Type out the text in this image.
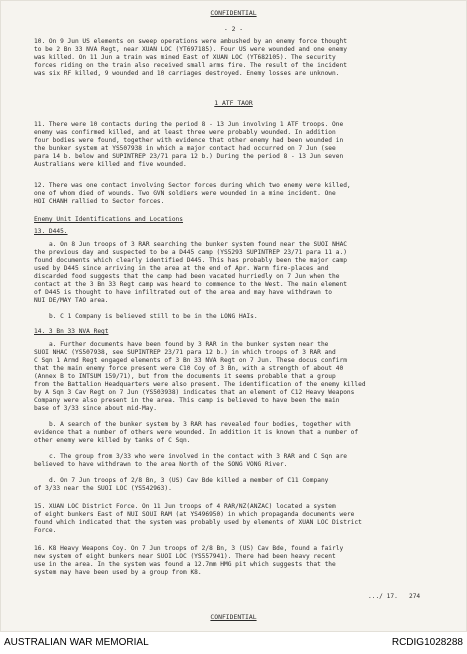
CONFIDENTIAL
- 2 -
10. On 9 Jun US elements on sweep operations were ambushed by an enemy force thought
to be 2 Bn 33 NVA Regt, near XUAN LOC (YT697185). Four US were wounded and one enemy
was killed. On 11 Jun a train was mined East of XUAN LOC (YT682105). The security
forces riding on the train also received small arms fire. The result of the incident
was six RF killed, 9 wounded and 10 carriages destroyed. Enemy losses are unknown.
1 ATF TAOR
11. There were 10 contacts during the period 8 - 13 Jun involving 1 ATF troops. One
enemy was confirmed killed, and at least three were probably wounded. In addition
four bodies were found, together with evidence that other enemy had been wounded in
the bunker system at YS507938 in which a major contact had occurred on 7 Jun (see
para 14 b. below and SUPINTREP 23/71 para 12 b.) During the period 8 - 13 Jun seven
Australians were killed and five wounded.
12. There was one contact involving Sector forces during which two enemy were killed,
one of whom died of wounds. Two GVN soldiers were wounded in a mine incident. One
HOI CHANH rallied to Sector forces.
Enemy Unit Identifications and Locations
13. D445.
a. On 8 Jun troops of 3 RAR searching the bunker system found near the SUOI NHAC
the previous day and suspected to be a D445 camp (YS5293 SUPINTREP 23/71 para 11 a.)
found documents which clearly identified D445. This has probably been the major camp
used by D445 since arriving in the area at the end of Apr. Warm fire-places and
discarded food suggests that the camp had been vacated hurriedly on 7 Jun when the
contact at the 3 Bn 33 Regt camp was heard to commence to the West. The main element
of D445 is thought to have infiltrated out of the area and may have withdrawn to
NUI DE/MAY TAO area.
b. C 1 Company is believed still to be in the LONG HAIs.
14. 3 Bn 33 NVA Regt
a. Further documents have been found by 3 RAR in the bunker system near the
SUOI NHAC (YS507938, see SUPINTREP 23/71 para 12 b.) in which troops of 3 RAR and
C Sqn 1 Armd Regt engaged elements of 3 Bn 33 NVA Regt on 7 Jun. These docus confirm
that the main enemy force present were C10 Coy of 3 Bn, with a strength of about 40
(Annex B to INTSUM 159/71), but from the documents it seems probable that a group
from the Battalion Headquarters were also present. The identification of the enemy killed
by A Sqn 3 Cav Regt on 7 Jun (YS503938) indicates that an element of C12 Heavy Weapons
Company were also present in the area. This camp is believed to have been the main
base of 3/33 since about mid-May.
b. A search of the bunker system by 3 RAR has revealed four bodies, together with
evidence that a number of others were wounded. In addition it is known that a number of
other enemy were killed by tanks of C Sqn.
c. The group from 3/33 who were involved in the contact with 3 RAR and C Sqn are
believed to have withdrawn to the area North of the SONG VONG River.
d. On 7 Jun troops of 2/8 Bn, 3 (US) Cav Bde killed a member of C11 Company
of 3/33 near the SUOI LOC (YS542963).
15. XUAN LOC District Force. On 11 Jun troops of 4 RAR/NZ(ANZAC) located a system
of eight bunkers East of NUI SOUI RAM (at YS496950) in which propaganda documents were
found which indicated that the system was probably used by elements of XUAN LOC District
Force.
16. K8 Heavy Weapons Coy. On 7 Jun troops of 2/8 Bn, 3 (US) Cav Bde, found a fairly
new system of eight bunkers near SUOI LOC (YS557941). There had been heavy recent
use in the area. In the system was found a 12.7mm HMG pit which suggests that the
system may have been used by a group from K8.
.../ 17.   274
CONFIDENTIAL
AUSTRALIAN WAR MEMORIAL	RCDIG1028288
